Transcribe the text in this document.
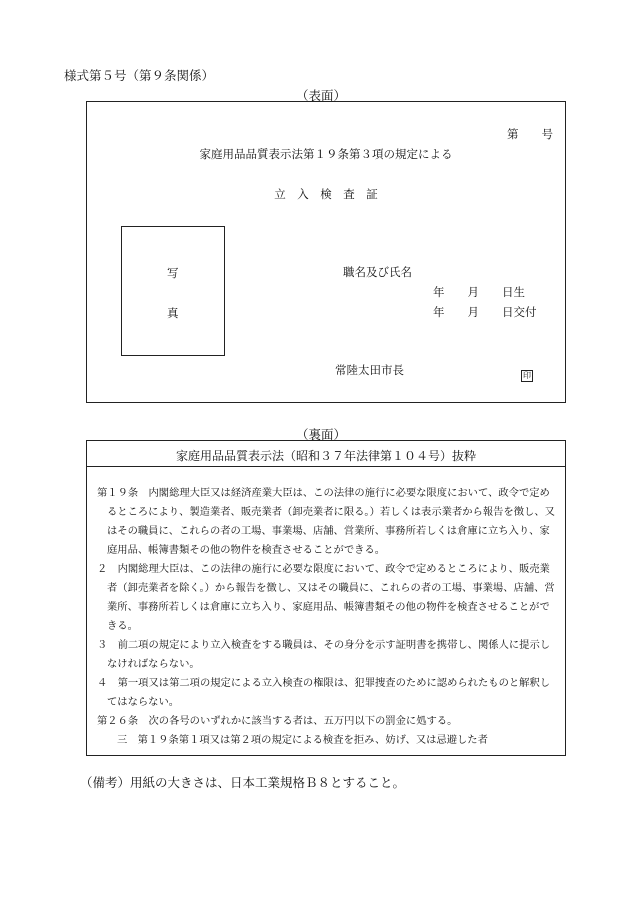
様式第５号（第９条関係）
（表面）
第　　号
家庭用品品質表示法第１９条第３項の規定による
立　入　検　査　証
写
真
職名及び氏名
年　　月　　日生
年　　月　　日交付
常陸太田市長	印
（裏面）
家庭用品品質表示法（昭和３７年法律第１０４号）抜粋
第１９条　内閣総理大臣又は経済産業大臣は、この法律の施行に必要な限度において、政令で定め
るところにより、製造業者、販売業者（卸売業者に限る。）若しくは表示業者から報告を徴し、又
はその職員に、これらの者の工場、事業場、店舗、営業所、事務所若しくは倉庫に立ち入り、家
庭用品、帳簿書類その他の物件を検査させることができる。
２　内閣総理大臣は、この法律の施行に必要な限度において、政令で定めるところにより、販売業
者（卸売業者を除く。）から報告を徴し、又はその職員に、これらの者の工場、事業場、店舗、営
業所、事務所若しくは倉庫に立ち入り、家庭用品、帳簿書類その他の物件を検査させることがで
きる。
３　前二項の規定により立入検査をする職員は、その身分を示す証明書を携帯し、関係人に提示し
なければならない。
４　第一項又は第二項の規定による立入検査の権限は、犯罪捜査のために認められたものと解釈し
てはならない。
第２６条　次の各号のいずれかに該当する者は、五万円以下の罰金に処する。
三　第１９条第１項又は第２項の規定による検査を拒み、妨げ、又は忌避した者
（備考）用紙の大きさは、日本工業規格Ｂ８とすること。
